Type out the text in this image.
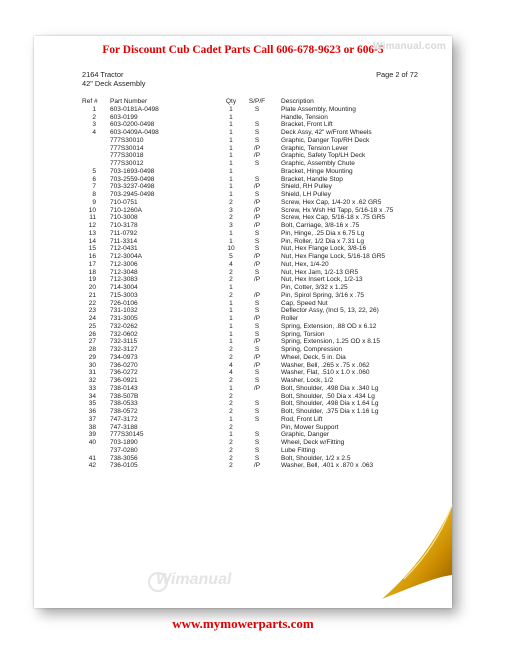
For Discount Cub Cadet Parts Call 606-678-9623 or 606-5
Wimanual.com
2164 Tractor
42" Deck Assembly
Page 2 of 72
Ref # Part Number	Qty	S/P/F	Description
1 603-0181A-0498	1	S	Plate Assembly, Mounting
2 603-0199	1	Handle, Tension
3 603-0200-0498	1	S	Bracket, Front Lift
4 603-0409A-0498	1	S	Deck Assy, 42" w/Front Wheels
777S30010	1	S	Graphic, Danger Top/RH Deck
777S30014	1	/P	Graphic, Tension Lever
777S30018	1	/P	Graphic, Safety Top/LH Deck
777S30012	1	S	Graphic, Assembly Chute
5 703-1693-0498	1	Bracket, Hinge Mounting
6 703-2559-0498	1	S	Bracket, Handle Stop
7 703-3237-0498	1	/P	Shield, RH Pulley
8 703-2945-0498	1	S	Shield, LH Pulley
9 710-0751	2	/P	Screw, Hex Cap, 1/4-20 x .62 GR5
10 710-1260A	3	/P	Screw, Hx Wsh Hd Tapp, 5/16-18 x .75
11 710-3008	2	/P	Screw, Hex Cap, 5/16-18 x .75 GR5
12 710-3178	3	/P	Bolt, Carriage, 3/8-16 x .75
13 711-0792	1	S	Pin, Hinge, .25 Dia x 6.75 Lg
14 711-3314	1	S	Pin, Roller, 1/2 Dia x 7.31 Lg
15 712-0431	10	S	Nut, Hex Flange Lock, 3/8-16
16 712-3004A	5	/P	Nut, Hex Flange Lock, 5/16-18 GR5
17 712-3006	4	/P	Nut, Hex, 1/4-20
18 712-3048	2	S	Nut, Hex Jam, 1/2-13 GR5
19 712-3083	2	/P	Nut, Hex Insert Lock, 1/2-13
20 714-3004	1	Pin, Cotter, 3/32 x 1.25
21 715-3003	2	/P	Pin, Spirol Spring, 3/16 x .75
22 726-0106	1	S	Cap, Speed Nut
23 731-1032	1	S	Deflector Assy, (Incl 5, 13, 22, 26)
24 731-3005	1	/P	Roller
25 732-0262	1	S	Spring, Extension, .88 OD x 6.12
26 732-0602	1	S	Spring, Torsion
27 732-3115	1	/P	Spring, Extension, 1.25 OD x 8.15
28 732-3127	2	S	Spring, Compression
29 734-0973	2	/P	Wheel, Deck, 5 in. Dia
30 736-0270	4	/P	Washer, Bell, .265 x .75 x .062
31 736-0272	4	S	Washer, Flat, .510 x 1.0 x .060
32 736-0921	2	S	Washer, Lock, 1/2
33 738-0143	1	/P	Bolt, Shoulder, .498 Dia x .340 Lg
34 738-507B	2	Bolt, Shoulder, .50 Dia x .434 Lg
35 738-0533	2	S	Bolt, Shoulder, .498 Dia x 1.64 Lg
36 738-0572	2	S	Bolt, Shoulder, .375 Dia x 1.16 Lg
37 747-3172	1	S	Rod, Front Lift
38 747-3188	2	Pin, Mower Support
39 777S30145	1	S	Graphic, Danger
40 703-1890	2	S	Wheel, Deck w/Fitting
737-0280	2	S	Lube Fitting
41 738-3056	2	S	Bolt, Shoulder, 1/2 x 2.5
42 736-0105	2	/P	Washer, Bell, .401 x .870 x .063
Wimanual
www.mymowerparts.com
